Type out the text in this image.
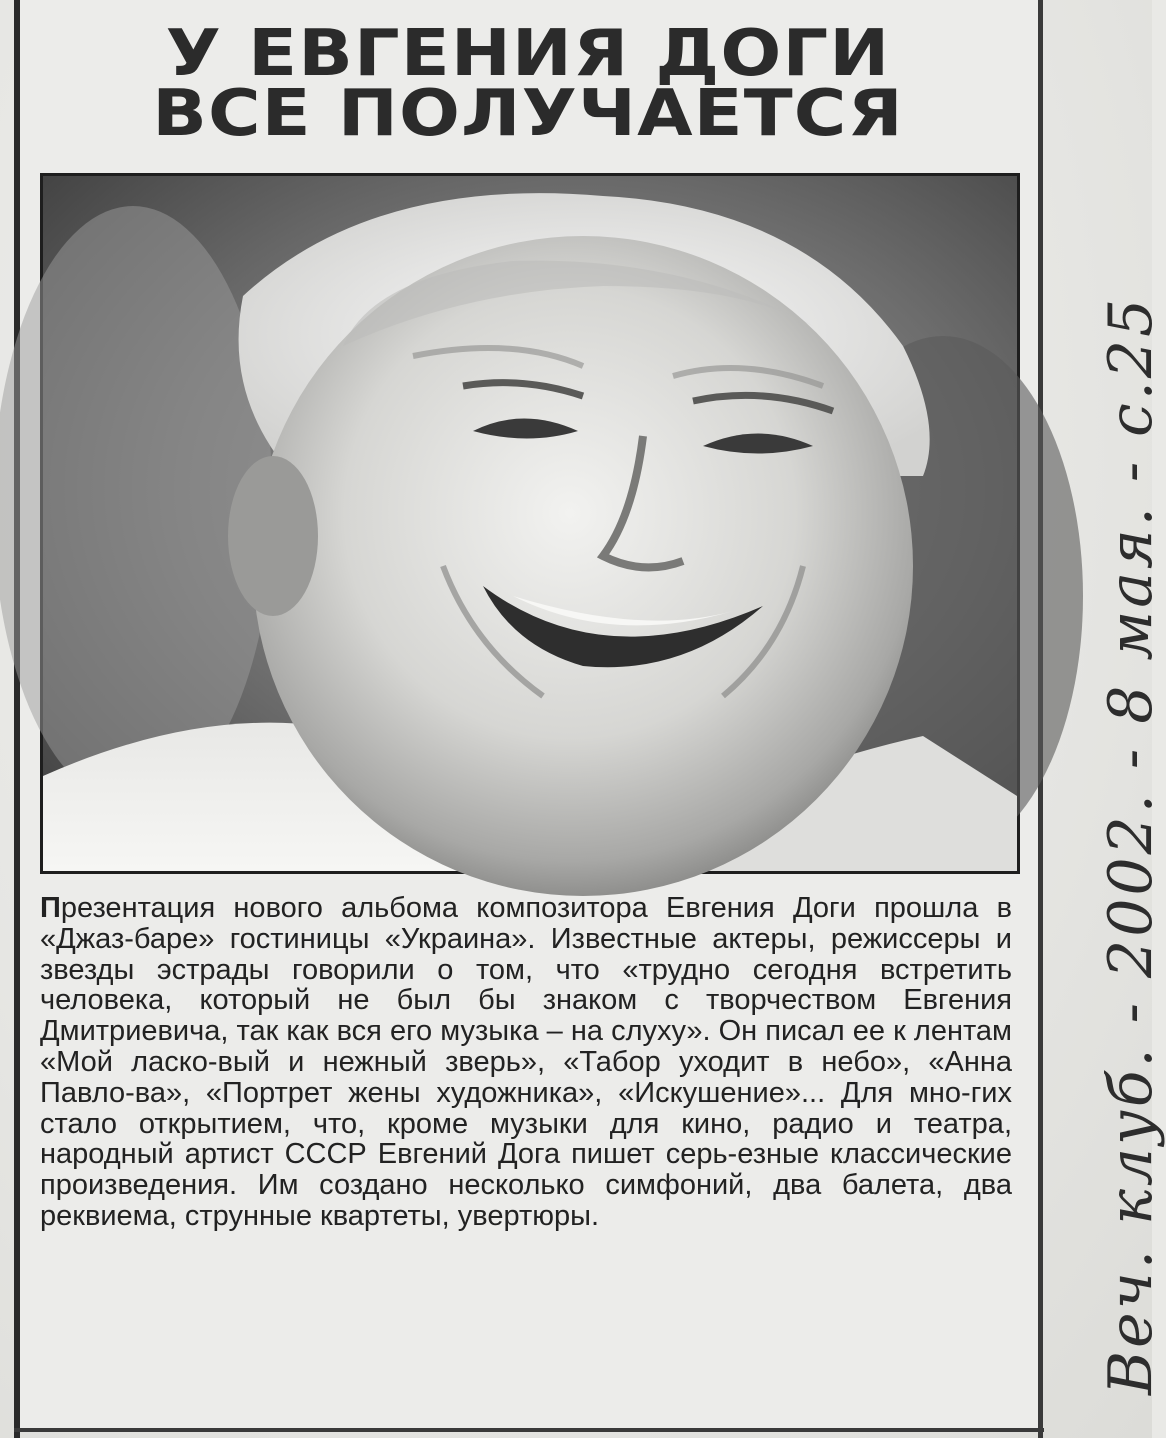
У ЕВГЕНИЯ ДОГИ
ВСЕ ПОЛУЧАЕТСЯ

Презентация нового альбома композитора Евгения Доги прошла в «Джаз-баре» гостиницы «Украина». Известные актеры, режиссеры и звезды эстрады говорили о том, что «трудно сегодня встретить человека, который не был бы знаком с творчеством Евгения Дмитриевича, так как вся его музыка – на слуху». Он писал ее к лентам «Мой ласко-вый и нежный зверь», «Табор уходит в небо», «Анна Павло-ва», «Портрет жены художника», «Искушение»... Для мно-гих стало открытием, что, кроме музыки для кино, радио и театра, народный артист СССР Евгений Дога пишет серь-езные классические произведения. Им создано несколько симфоний, два балета, два реквиема, струнные квартеты, увертюры.	Веч. клуб. - 2002. - 8 мая. - с.25
